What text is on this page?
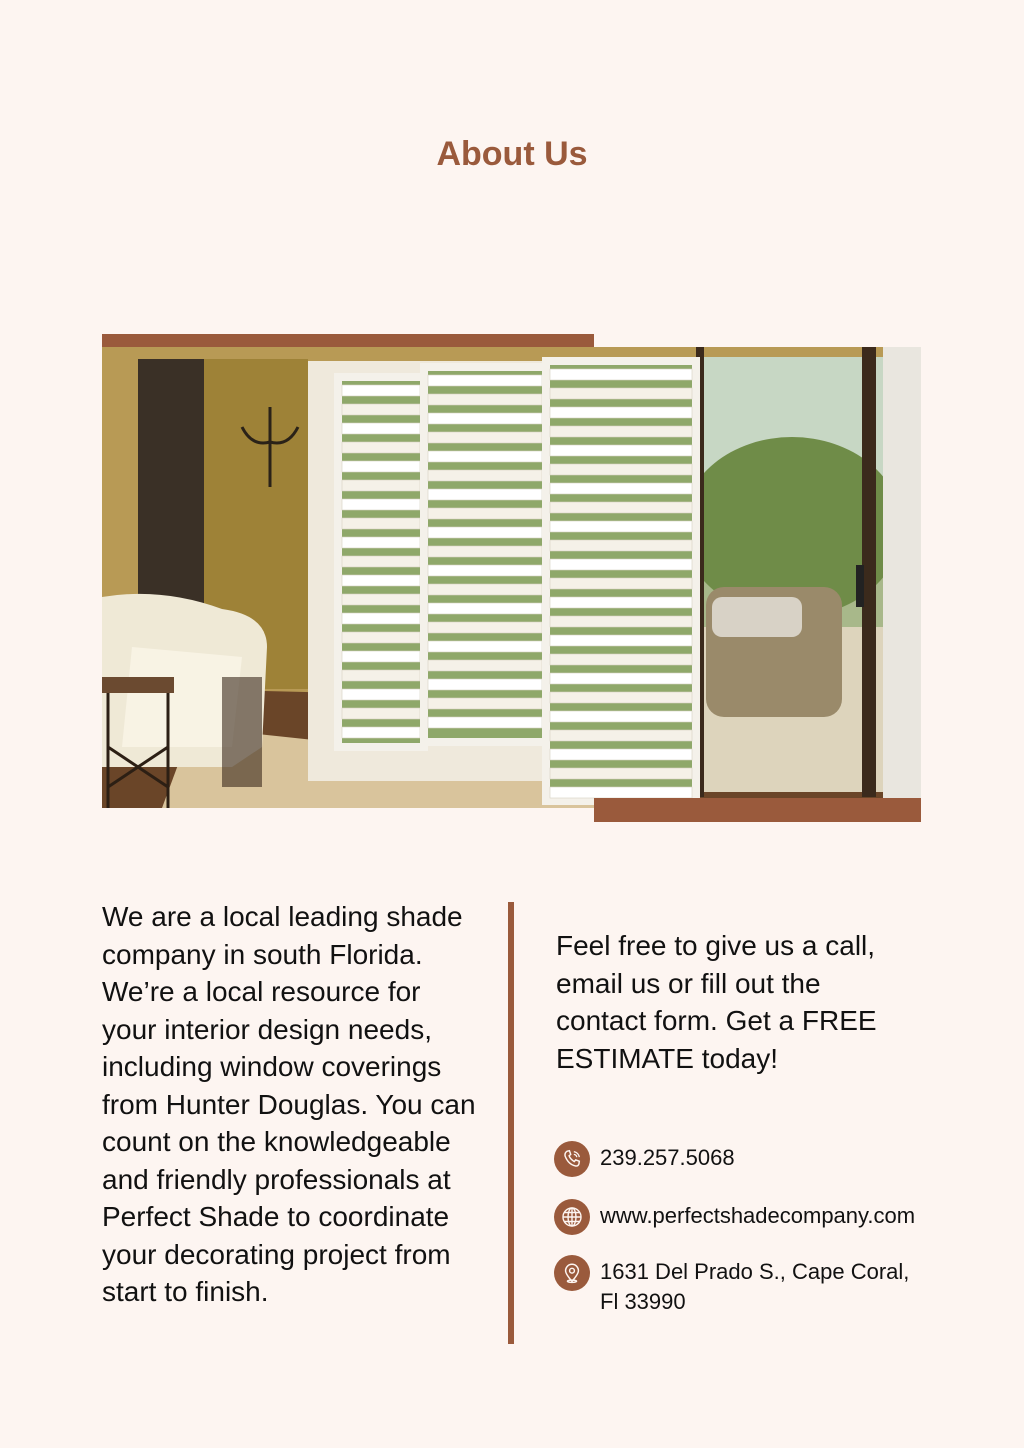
About Us
We are a local leading shade company in south Florida. We’re a local resource for your interior design needs, including window coverings from Hunter Douglas. You can count on the knowledgeable and friendly professionals at Perfect Shade to coordinate your decorating project from start to finish.
Feel free to give us a call, email us or fill out the contact form. Get a FREE ESTIMATE today!
239.257.5068
www.perfectshadecompany.com
1631 Del Prado S., Cape Coral, Fl 33990
